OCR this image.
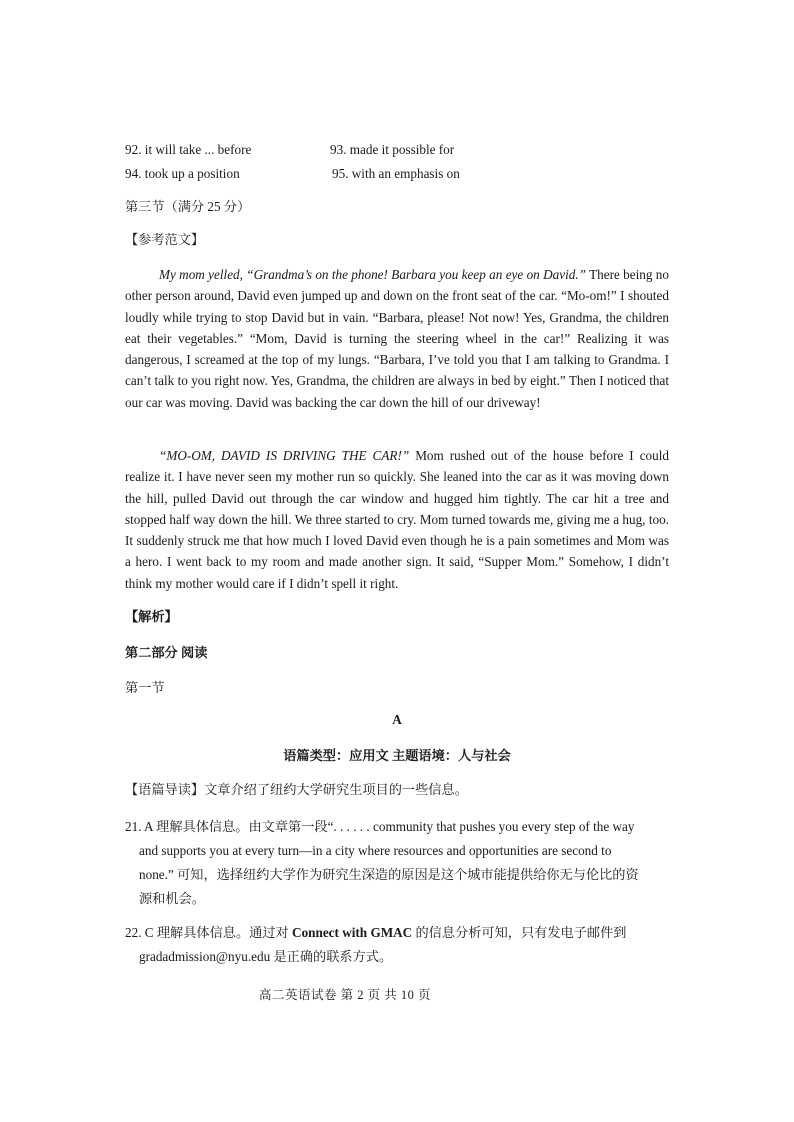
92. it will take ... before	93. made it possible for
94. took up a position	95. with an emphasis on
第三节（满分 25 分）
【参考范文】
My mom yelled, “Grandma’s on the phone! Barbara you keep an eye on David.” There being no other person around, David even jumped up and down on the front seat of the car. “Mo-om!” I shouted loudly while trying to stop David but in vain. “Barbara, please! Not now! Yes, Grandma, the children eat their vegetables.” “Mom, David is turning the steering wheel in the car!” Realizing it was dangerous, I screamed at the top of my lungs. “Barbara, I’ve told you that I am talking to Grandma. I can’t talk to you right now. Yes, Grandma, the children are always in bed by eight.” Then I noticed that our car was moving. David was backing the car down the hill of our driveway!
“MO-OM, DAVID IS DRIVING THE CAR!” Mom rushed out of the house before I could realize it. I have never seen my mother run so quickly. She leaned into the car as it was moving down the hill, pulled David out through the car window and hugged him tightly. The car hit a tree and stopped half way down the hill. We three started to cry. Mom turned towards me, giving me a hug, too. It suddenly struck me that how much I loved David even though he is a pain sometimes and Mom was a hero. I went back to my room and made another sign. It said, “Supper Mom.” Somehow, I didn’t think my mother would care if I didn’t spell it right.
【解析】
第二部分 阅读
第一节
A
语篇类型：应用文 主题语境：人与社会
【语篇导读】文章介绍了纽约大学研究生项目的一些信息。
21. A 理解具体信息。由文章第一段“. . . . . . community that pushes you every step of the way
and supports you at every turn—in a city where resources and opportunities are second to
none.” 可知，选择纽约大学作为研究生深造的原因是这个城市能提供给你无与伦比的资
源和机会。
22. C 理解具体信息。通过对 Connect with GMAC 的信息分析可知，只有发电子邮件到
gradadmission@nyu.edu 是正确的联系方式。
高二英语试卷 第 2 页 共 10 页
